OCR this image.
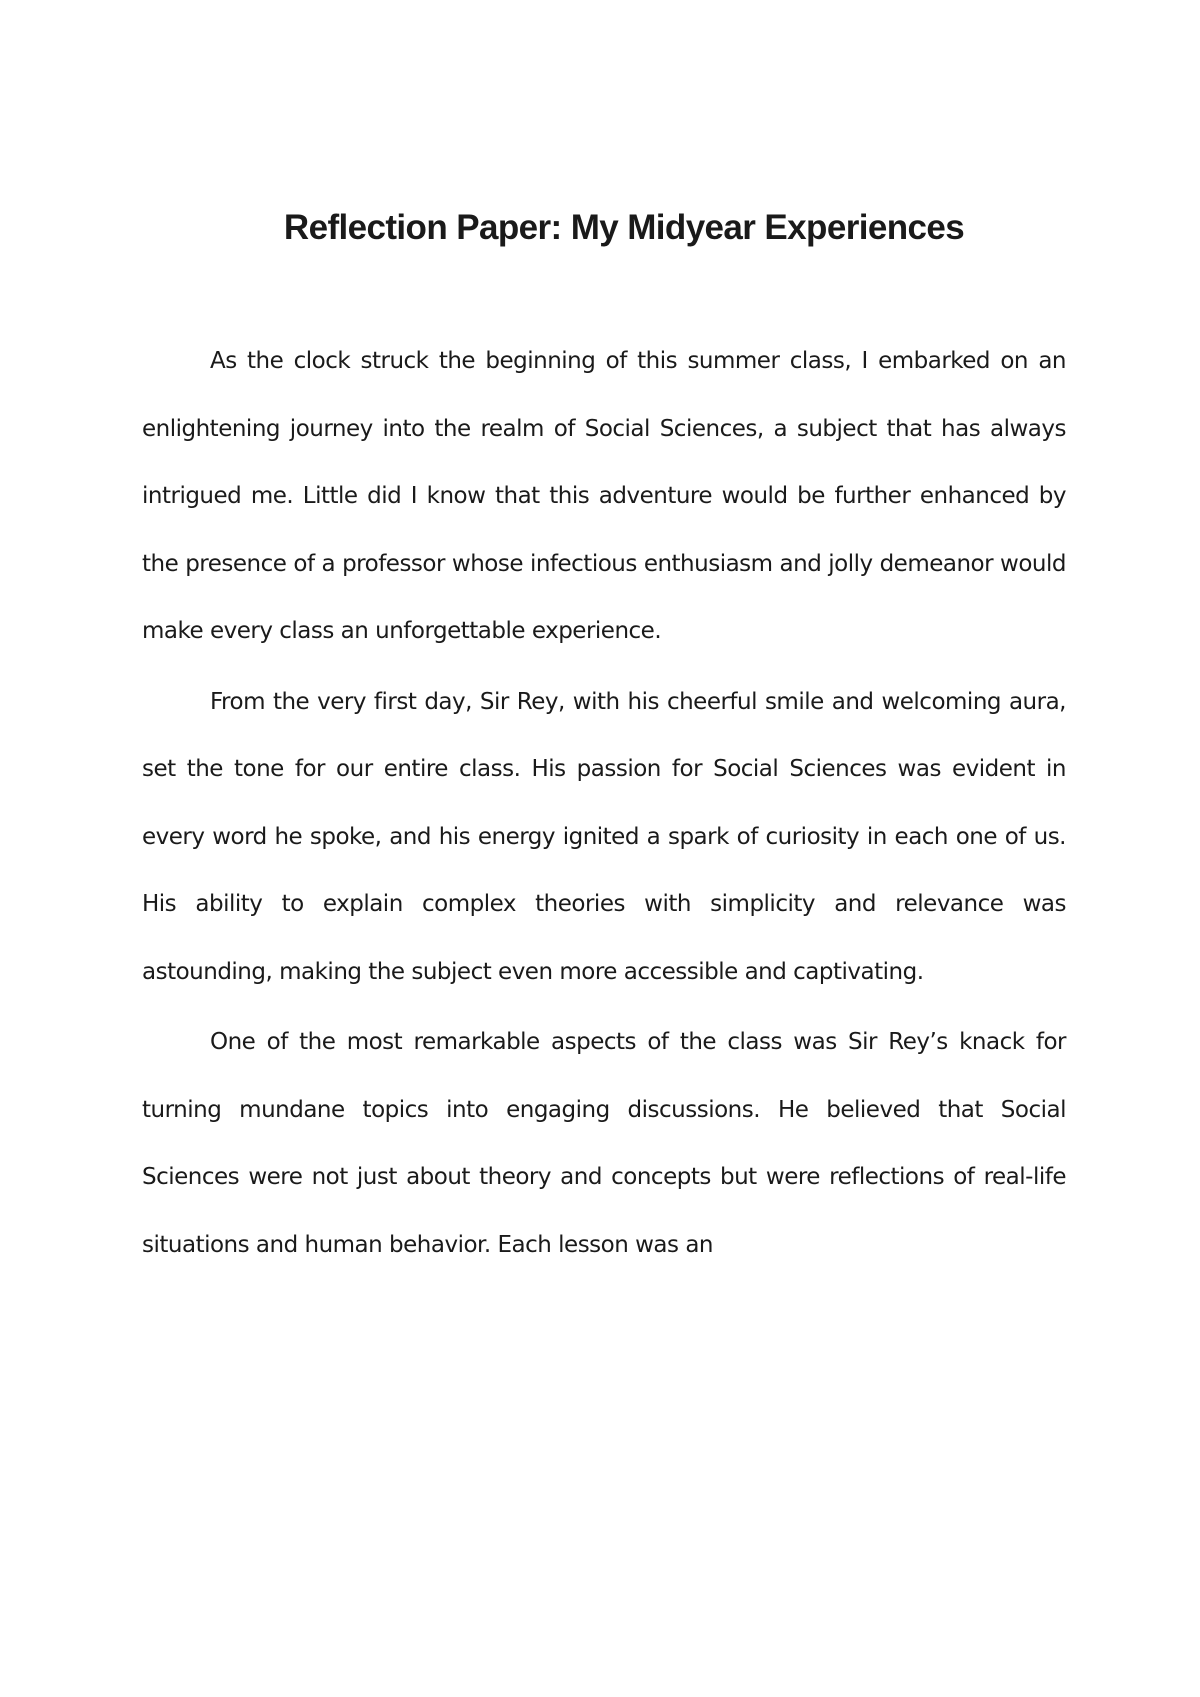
Reflection Paper: My Midyear Experiences

As the clock struck the beginning of this summer class, I embarked on an enlightening journey into the realm of Social Sciences, a subject that has always intrigued me. Little did I know that this adventure would be further enhanced by the presence of a professor whose infectious enthusiasm and jolly demeanor would make every class an unforgettable experience.

From the very first day, Sir Rey, with his cheerful smile and welcoming aura, set the tone for our entire class. His passion for Social Sciences was evident in every word he spoke, and his energy ignited a spark of curiosity in each one of us. His ability to explain complex theories with simplicity and relevance was astounding, making the subject even more accessible and captivating.

One of the most remarkable aspects of the class was Sir Rey’s knack for turning mundane topics into engaging discussions. He believed that Social Sciences were not just about theory and concepts but were reflections of real-life situations and human behavior. Each lesson was an
